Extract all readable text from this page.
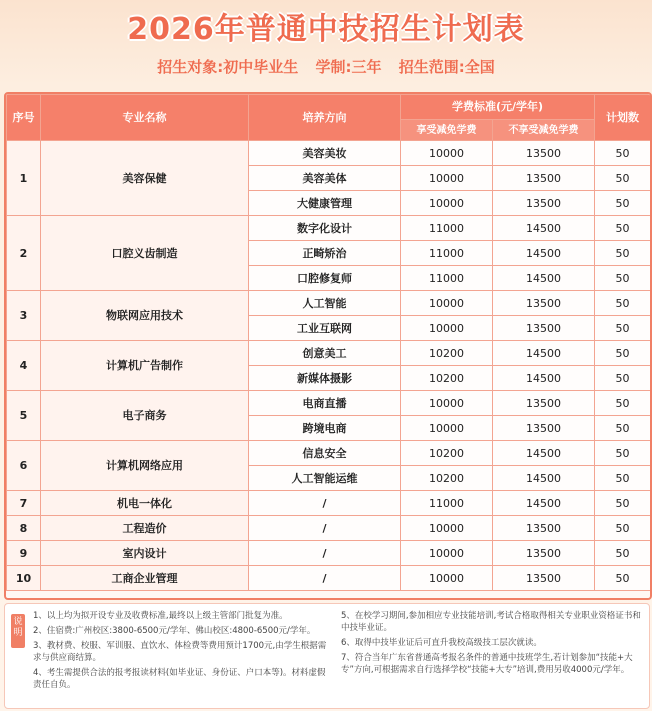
2026年普通中技招生计划表
招生对象:初中毕业生 学制:三年 招生范围:全国
序号	专业名称	培养方向	学费标准(元/学年)		计划数
			享受减免学费	不享受减免学费	
1	美容保健	美容美妆	10000	13500	50
		美容美体	10000	13500	50
		大健康管理	10000	13500	50
2	口腔义齿制造	数字化设计	11000	14500	50
		正畸矫治	11000	14500	50
		口腔修复师	11000	14500	50
3	物联网应用技术	人工智能	10000	13500	50
		工业互联网	10000	13500	50
4	计算机广告制作	创意美工	10200	14500	50
		新媒体摄影	10200	14500	50
5	电子商务	电商直播	10000	13500	50
		跨境电商	10000	13500	50
6	计算机网络应用	信息安全	10200	14500	50
		人工智能运维	10200	14500	50
7	机电一体化	/	11000	14500	50
8	工程造价	/	10000	13500	50
9	室内设计	/	10000	13500	50
10	工商企业管理	/	10000	13500	50
说明

1、以上均为拟开设专业及收费标准,最终以上级主管部门批复为准。

2、住宿费:广州校区:3800-6500元/学年、佛山校区:4800-6500元/学年。

3、教材费、校服、军训服、直饮水、体检费等费用预计1700元,由学生根据需求与供应商结算。

4、考生需提供合法的报考报读材料(如毕业证、身份证、户口本等)。材料虚假责任自负。

5、在校学习期间,参加相应专业技能培训,考试合格取得相关专业职业资格证书和中技毕业证。

6、取得中技毕业证后可直升我校高级技工层次就读。

7、符合当年广东省普通高考报名条件的普通中技班学生,若计划参加“技能+大专”方向,可根据需求自行选择学校“技能+大专”培训,费用另收4000元/学年。
